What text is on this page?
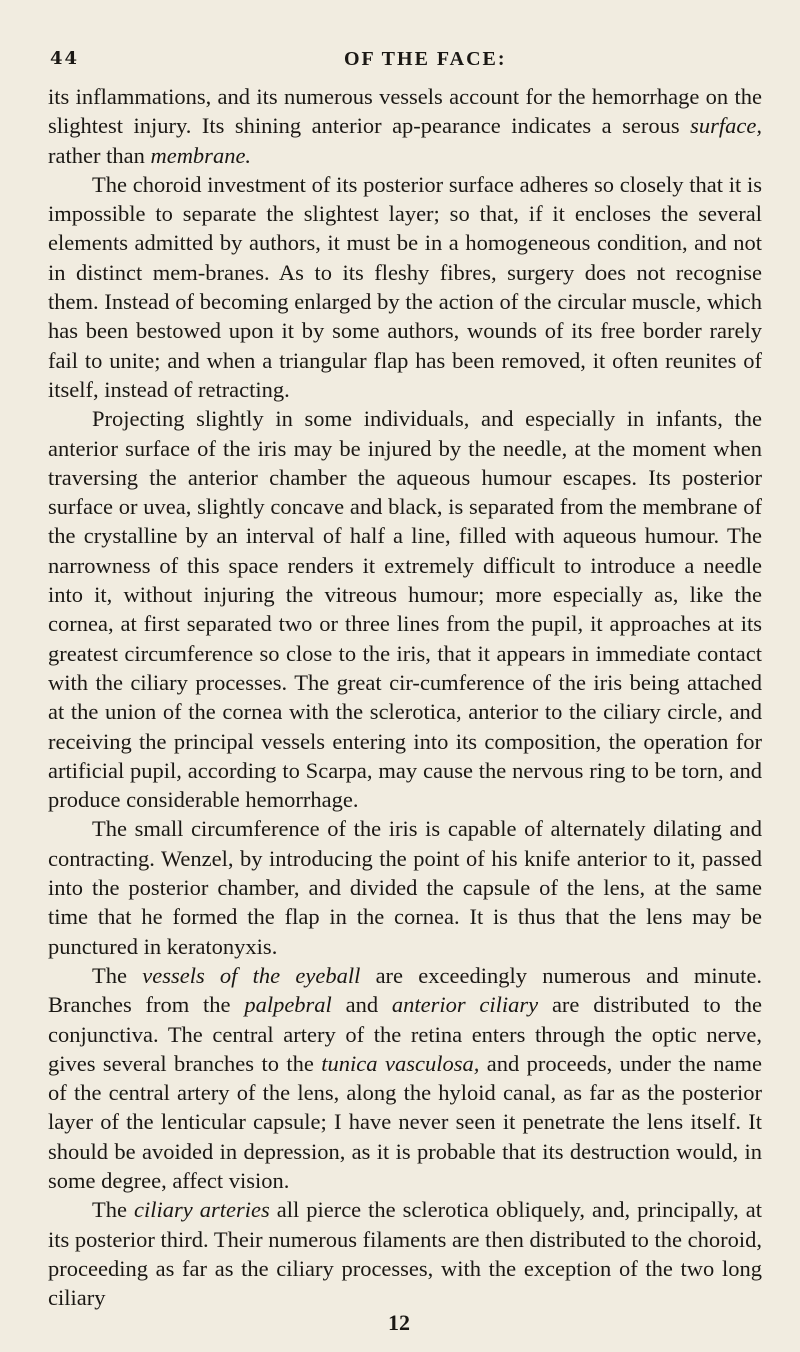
44	OF THE FACE:

its inflammations, and its numerous vessels account for the hemorrhage on the slightest injury. Its shining anterior ap-pearance indicates a serous surface, rather than membrane.

The choroid investment of its posterior surface adheres so closely that it is impossible to separate the slightest layer; so that, if it encloses the several elements admitted by authors, it must be in a homogeneous condition, and not in distinct mem-branes. As to its fleshy fibres, surgery does not recognise them. Instead of becoming enlarged by the action of the circular muscle, which has been bestowed upon it by some authors, wounds of its free border rarely fail to unite; and when a triangular flap has been removed, it often reunites of itself, instead of retracting.

Projecting slightly in some individuals, and especially in infants, the anterior surface of the iris may be injured by the needle, at the moment when traversing the anterior chamber the aqueous humour escapes. Its posterior surface or uvea, slightly concave and black, is separated from the membrane of the crystalline by an interval of half a line, filled with aqueous humour. The narrowness of this space renders it extremely difficult to introduce a needle into it, without injuring the vitreous humour; more especially as, like the cornea, at first separated two or three lines from the pupil, it approaches at its greatest circumference so close to the iris, that it appears in immediate contact with the ciliary processes. The great cir-cumference of the iris being attached at the union of the cornea with the sclerotica, anterior to the ciliary circle, and receiving the principal vessels entering into its composition, the operation for artificial pupil, according to Scarpa, may cause the nervous ring to be torn, and produce considerable hemorrhage.

The small circumference of the iris is capable of alternately dilating and contracting. Wenzel, by introducing the point of his knife anterior to it, passed into the posterior chamber, and divided the capsule of the lens, at the same time that he formed the flap in the cornea. It is thus that the lens may be punctured in keratonyxis.

The vessels of the eyeball are exceedingly numerous and minute. Branches from the palpebral and anterior ciliary are distributed to the conjunctiva. The central artery of the retina enters through the optic nerve, gives several branches to the tunica vasculosa, and proceeds, under the name of the central artery of the lens, along the hyloid canal, as far as the posterior layer of the lenticular capsule; I have never seen it penetrate the lens itself. It should be avoided in depression, as it is probable that its destruction would, in some degree, affect vision.

The ciliary arteries all pierce the sclerotica obliquely, and, principally, at its posterior third. Their numerous filaments are then distributed to the choroid, proceeding as far as the ciliary processes, with the exception of the two long ciliary

12
